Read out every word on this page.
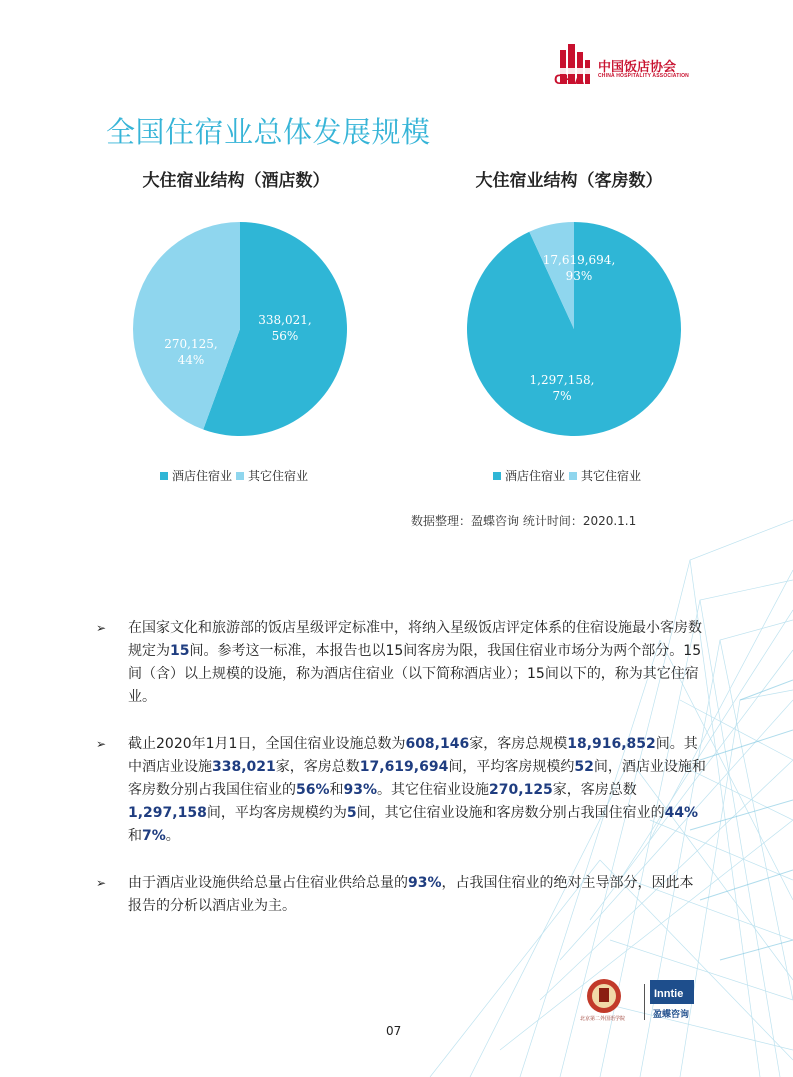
CHA
中国饭店协会
CHINA HOSPITALITY ASSOCIATION
全国住宿业总体发展规模
大住宿业结构（酒店数）
338,021,
56%
270,125,
44%
酒店住宿业 其它住宿业
大住宿业结构（客房数）
17,619,694,
93%
1,297,158,
7%
酒店住宿业 其它住宿业
数据整理：盈蝶咨询 统计时间：2020.1.1
➢ 在国家文化和旅游部的饭店星级评定标准中，将纳入星级饭店评定体系的住宿设施最小客房数规定为15间。参考这一标准，本报告也以15间客房为限，我国住宿业市场分为两个部分。15间（含）以上规模的设施，称为酒店住宿业（以下简称酒店业）；15间以下的，称为其它住宿业。
➢ 截止2020年1月1日，全国住宿业设施总数为608,146家，客房总规模18,916,852间。其中酒店业设施338,021家，客房总数17,619,694间，平均客房规模约52间，酒店业设施和客房数分别占我国住宿业的56%和93%。其它住宿业设施270,125家，客房总数1,297,158间，平均客房规模约为5间，其它住宿业设施和客房数分别占我国住宿业的44%和7%。
➢ 由于酒店业设施供给总量占住宿业供给总量的93%，占我国住宿业的绝对主导部分，因此本报告的分析以酒店业为主。
北京第二外国语学院
Inntie
盈蝶咨询
07
